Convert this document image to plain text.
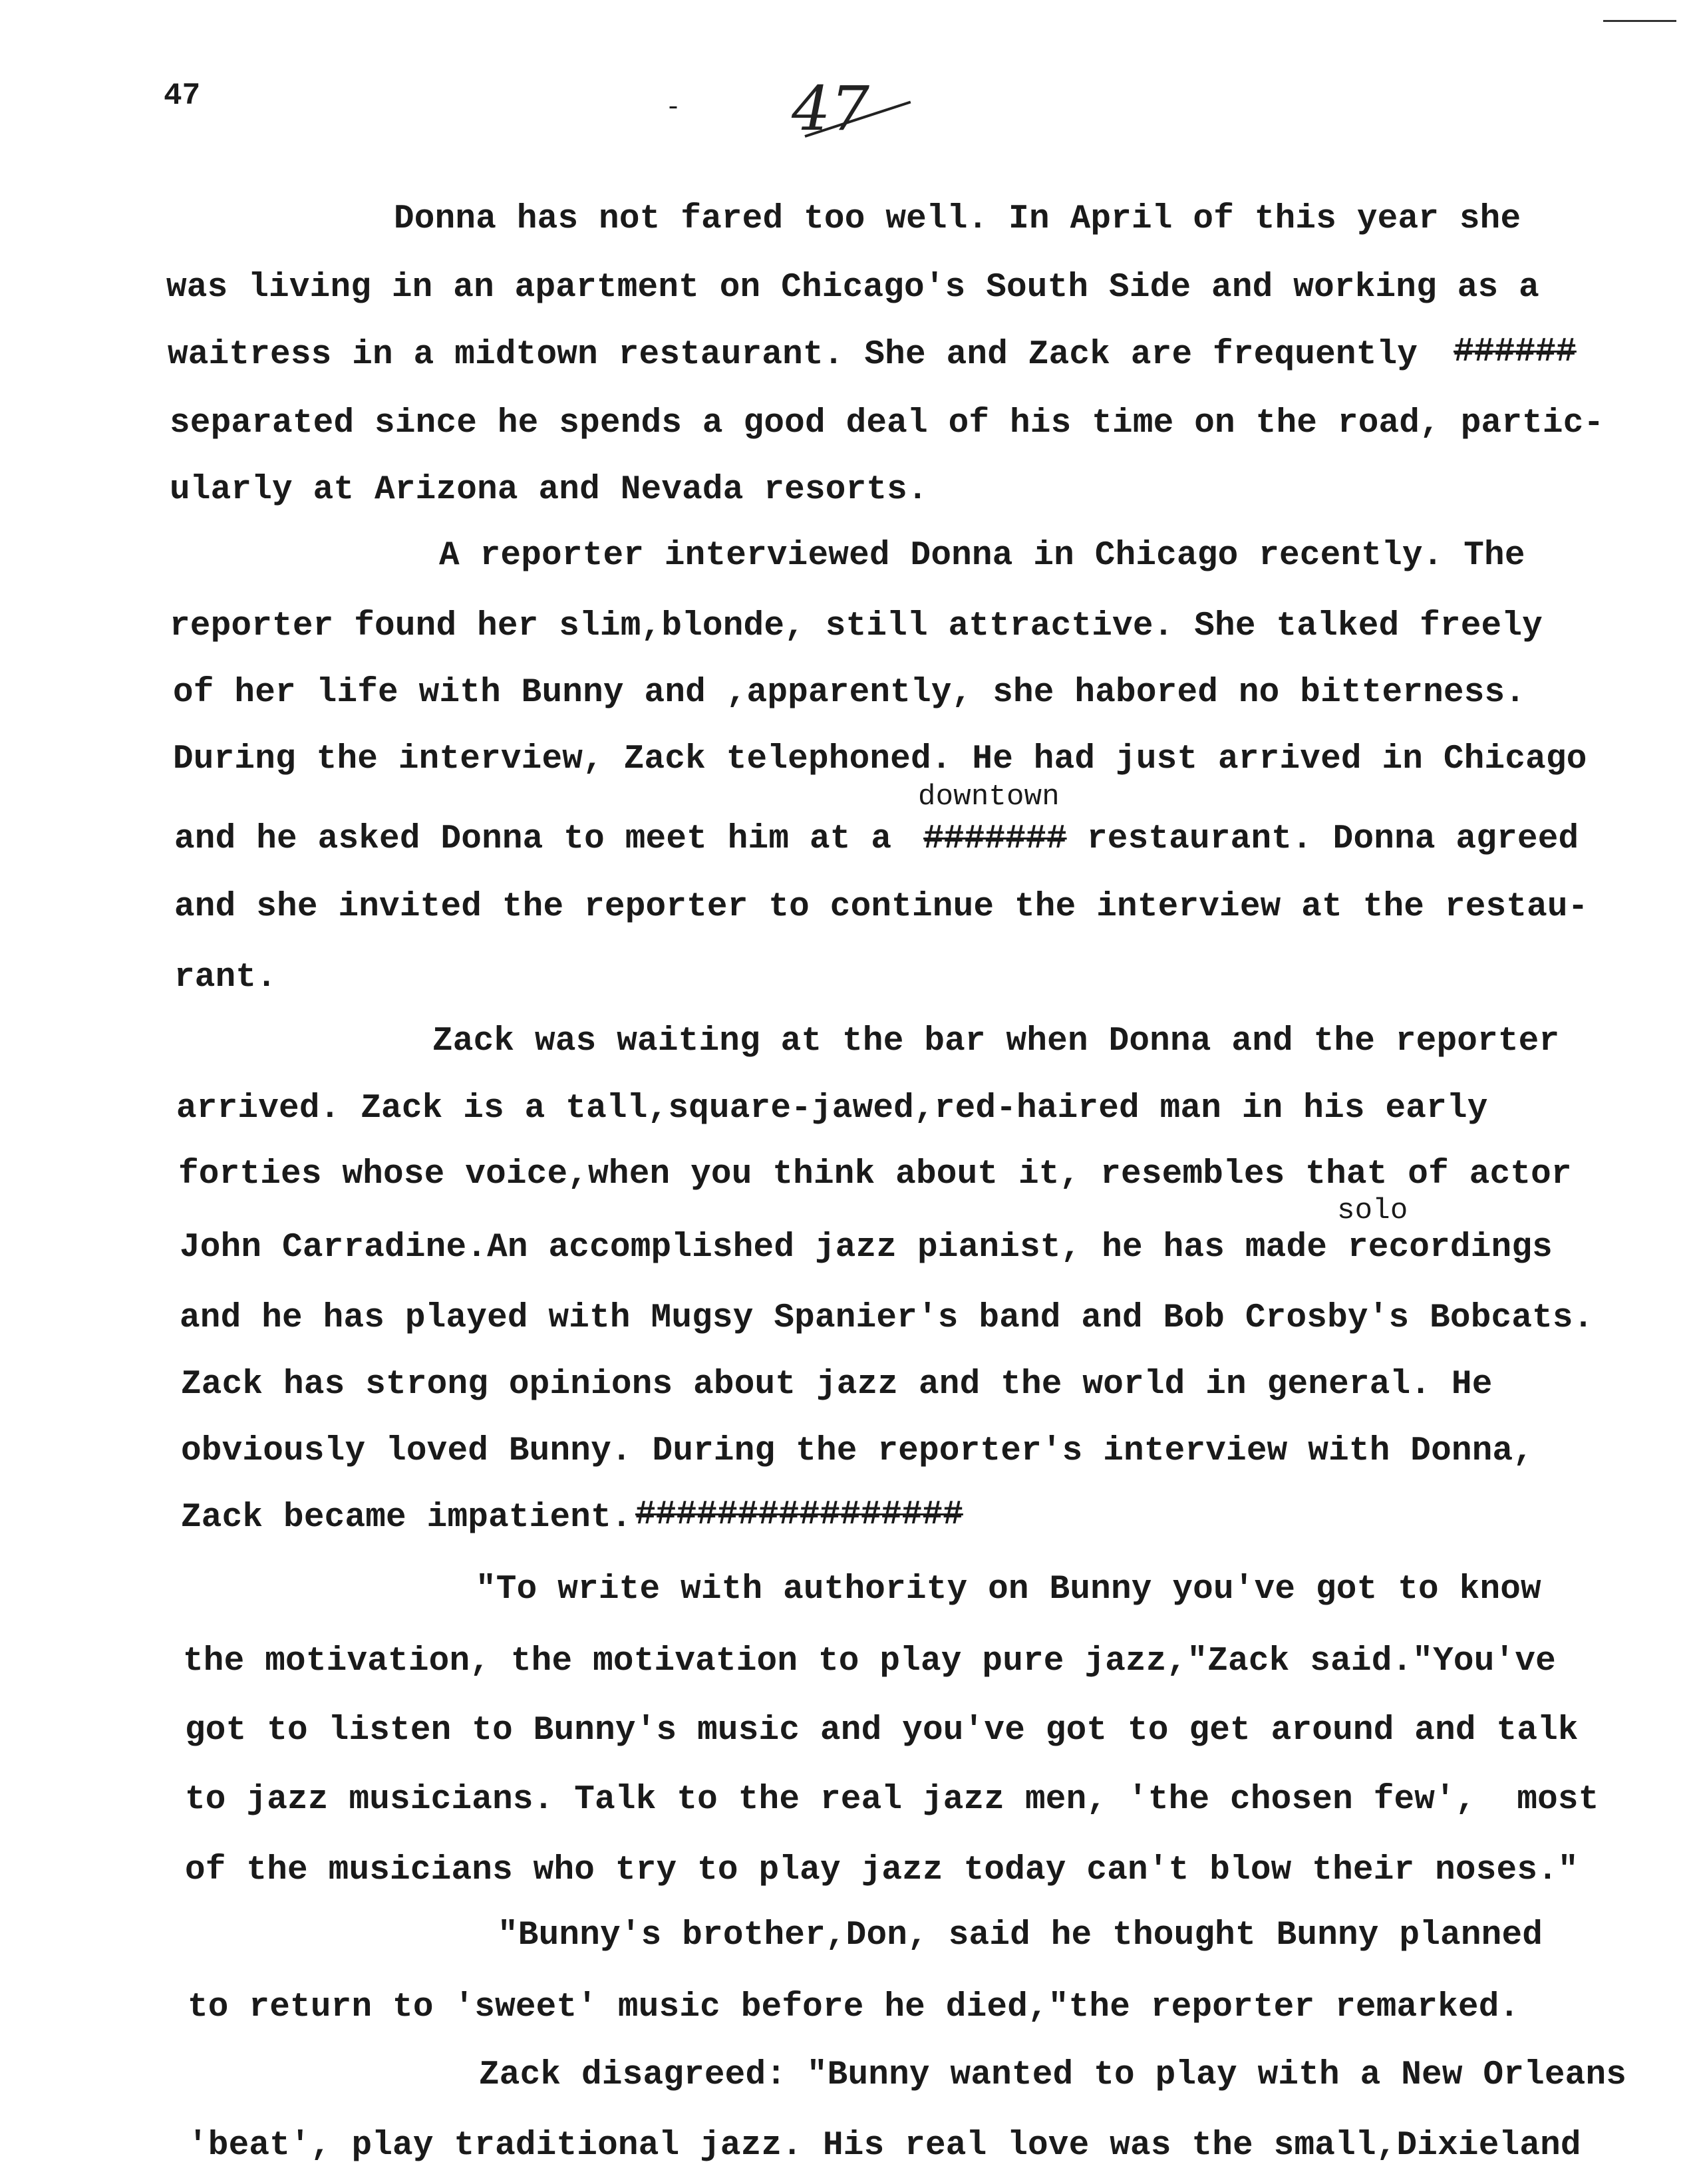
47	47
-
Donna has not fared too well. In April of this year she
was living in an apartment on Chicago's South Side and working as a
waitress in a midtown restaurant. She and Zack are frequently ######
separated since he spends a good deal of his time on the road, partic-
ularly at Arizona and Nevada resorts.
A reporter interviewed Donna in Chicago recently. The
reporter found her slim,blonde, still attractive. She talked freely
of her life with Bunny and ,apparently, she habored no bitterness.
During the interview, Zack telephoned. He had just arrived in Chicago
downtown
and he asked Donna to meet him at a ####### restaurant. Donna agreed
and she invited the reporter to continue the interview at the restau-
rant.
Zack was waiting at the bar when Donna and the reporter
arrived. Zack is a tall,square-jawed,red-haired man in his early
forties whose voice,when you think about it, resembles that of actor
solo
John Carradine.An accomplished jazz pianist, he has made recordings
and he has played with Mugsy Spanier's band and Bob Crosby's Bobcats.
Zack has strong opinions about jazz and the world in general. He
obviously loved Bunny. During the reporter's interview with Donna,
Zack became impatient. ################
"To write with authority on Bunny you've got to know
the motivation, the motivation to play pure jazz,"Zack said."You've
got to listen to Bunny's music and you've got to get around and talk
to jazz musicians. Talk to the real jazz men, 'the chosen few',  most
of the musicians who try to play jazz today can't blow their noses."
"Bunny's brother,Don, said he thought Bunny planned
to return to 'sweet' music before he died,"the reporter remarked.
Zack disagreed: "Bunny wanted to play with a New Orleans
'beat', play traditional jazz. His real love was the small,Dixieland
